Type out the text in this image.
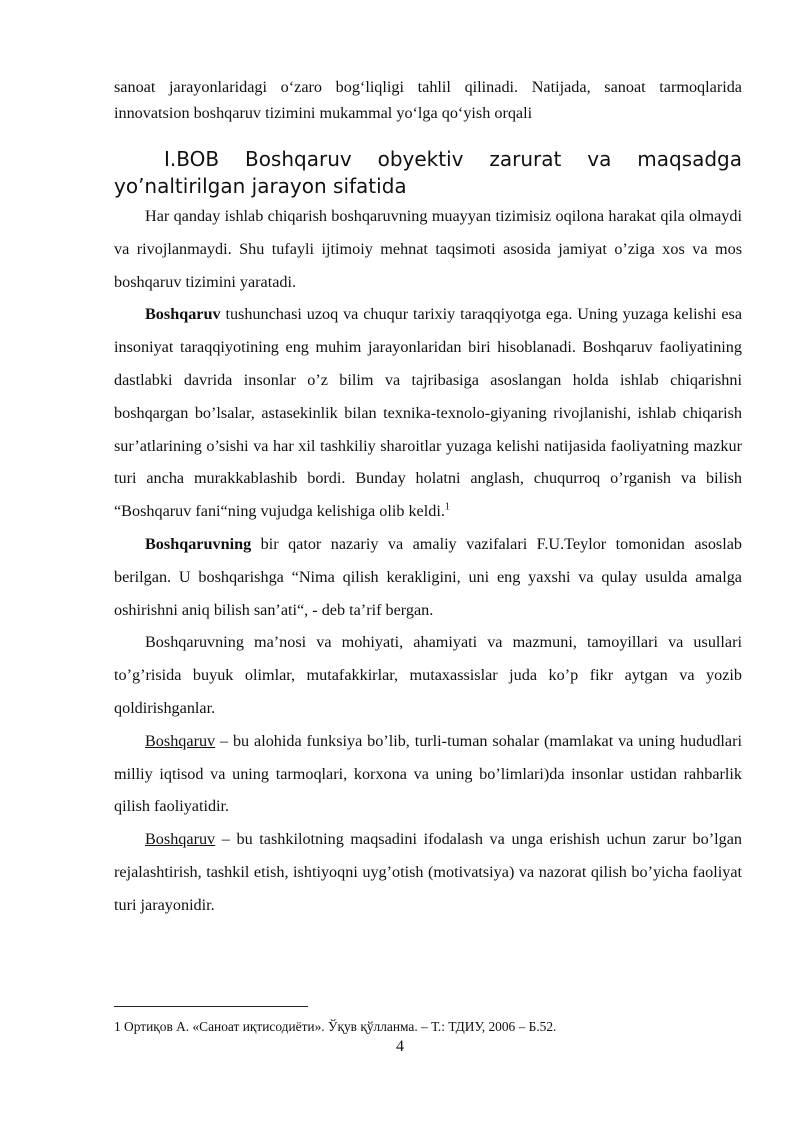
sanoat jarayonlaridagi o‘zaro bog‘liqligi tahlil qilinadi. Natijada, sanoat tarmoqlarida innovatsion boshqaruv tizimini mukammal yo‘lga qo‘yish orqali

I.BOB Boshqaruv obyektiv zarurat va maqsadga yo’naltirilgan jarayon sifatida

Har qanday ishlab chiqarish boshqaruvning muayyan tizimisiz oqilona harakat qila olmaydi va rivojlanmaydi. Shu tufayli ijtimoiy mehnat taqsimoti asosida jamiyat o’ziga xos va mos boshqaruv tizimini yaratadi.

Boshqaruv tushunchasi uzoq va chuqur tarixiy taraqqiyotga ega. Uning yuzaga kelishi esa insoniyat taraqqiyotining eng muhim jarayonlaridan biri hisoblanadi. Boshqaruv faoliyatining dastlabki davrida insonlar o’z bilim va tajribasiga asoslangan holda ishlab chiqarishni boshqargan bo’lsalar, astasekinlik bilan texnika-texnolo-giyaning rivojlanishi, ishlab chiqarish sur’atlarining o’sishi va har xil tashkiliy sharoitlar yuzaga kelishi natijasida faoliyatning mazkur turi ancha murakkablashib bordi. Bunday holatni anglash, chuqurroq o’rganish va bilish “Boshqaruv fani“ning vujudga kelishiga olib keldi.$^1$

Boshqaruvning bir qator nazariy va amaliy vazifalari F.U.Teylor tomonidan asoslab berilgan. U boshqarishga “Nima qilish kerakligini, uni eng yaxshi va qulay usulda amalga oshirishni aniq bilish san’ati“, - deb ta’rif bergan.

Boshqaruvning ma’nosi va mohiyati, ahamiyati va mazmuni, tamoyillari va usullari to’g’risida buyuk olimlar, mutafakkirlar, mutaxassislar juda ko’p fikr aytgan va yozib qoldirishganlar.

Boshqaruv – bu alohida funksiya bo’lib, turli-tuman sohalar (mamlakat va uning hududlari milliy iqtisod va uning tarmoqlari, korxona va uning bo’limlari)da insonlar ustidan rahbarlik qilish faoliyatidir.

Boshqaruv – bu tashkilotning maqsadini ifodalash va unga erishish uchun zarur bo’lgan rejalashtirish, tashkil etish, ishtiyoqni uyg’otish (motivatsiya) va nazorat qilish bo’yicha faoliyat turi jarayonidir.

1 Ортиқов А. «Саноат иқтисодиёти». Ўқув қўлланма. – Т.: ТДИУ, 2006 – Б.52.

4
